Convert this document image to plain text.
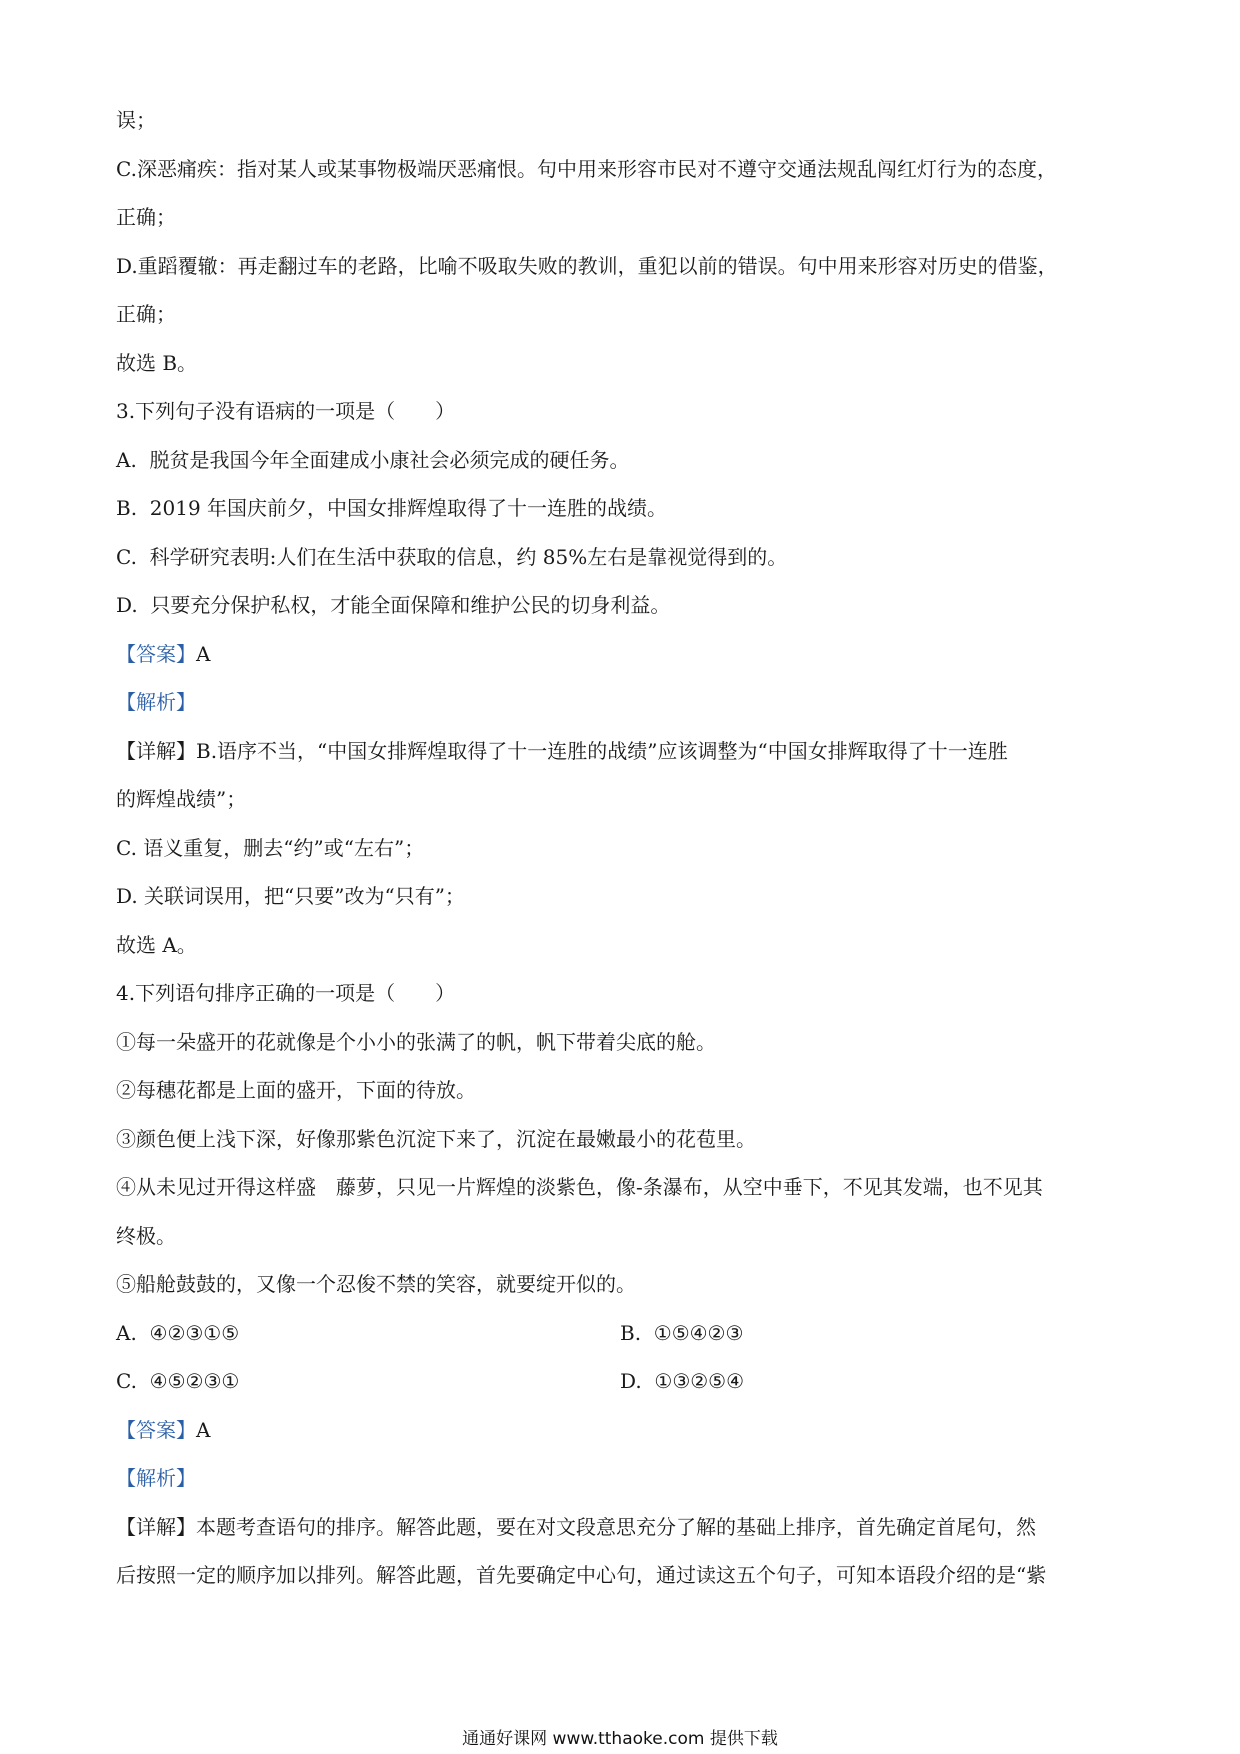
误；
C.深恶痛疾：指对某人或某事物极端厌恶痛恨。句中用来形容市民对不遵守交通法规乱闯红灯行为的态度，
正确；
D.重蹈覆辙：再走翻过车的老路，比喻不吸取失败的教训，重犯以前的错误。句中用来形容对历史的借鉴，
正确；
故选 B。
3.下列句子没有语病的一项是（　　）
A.  脱贫是我国今年全面建成小康社会必须完成的硬任务。
B.  2019 年国庆前夕，中国女排辉煌取得了十一连胜的战绩。
C.  科学研究表明:人们在生活中获取的信息，约 85%左右是靠视觉得到的。
D.  只要充分保护私权，才能全面保障和维护公民的切身利益。
【答案】A
【解析】
【详解】B.语序不当，“中国女排辉煌取得了十一连胜的战绩”应该调整为“中国女排辉取得了十一连胜
的辉煌战绩”；
C. 语义重复，删去“约”或“左右”；
D. 关联词误用，把“只要”改为“只有”；
故选 A。
4.下列语句排序正确的一项是（　　）
①每一朵盛开的花就像是个小小的张满了的帆，帆下带着尖底的舱。
②每穗花都是上面的盛开，下面的待放。
③颜色便上浅下深，好像那紫色沉淀下来了，沉淀在最嫩最小的花苞里。
④从未见过开得这样盛　藤萝，只见一片辉煌的淡紫色，像-条瀑布，从空中垂下，不见其发端，也不见其
终极。
⑤船舱鼓鼓的，又像一个忍俊不禁的笑容，就要绽开似的。
A.  ④②③①⑤	B.  ①⑤④②③
C.  ④⑤②③①	D.  ①③②⑤④
【答案】A
【解析】
【详解】本题考查语句的排序。解答此题，要在对文段意思充分了解的基础上排序，首先确定首尾句，然
后按照一定的顺序加以排列。解答此题，首先要确定中心句，通过读这五个句子，可知本语段介绍的是“紫
通通好课网 www.tthaoke.com 提供下载
